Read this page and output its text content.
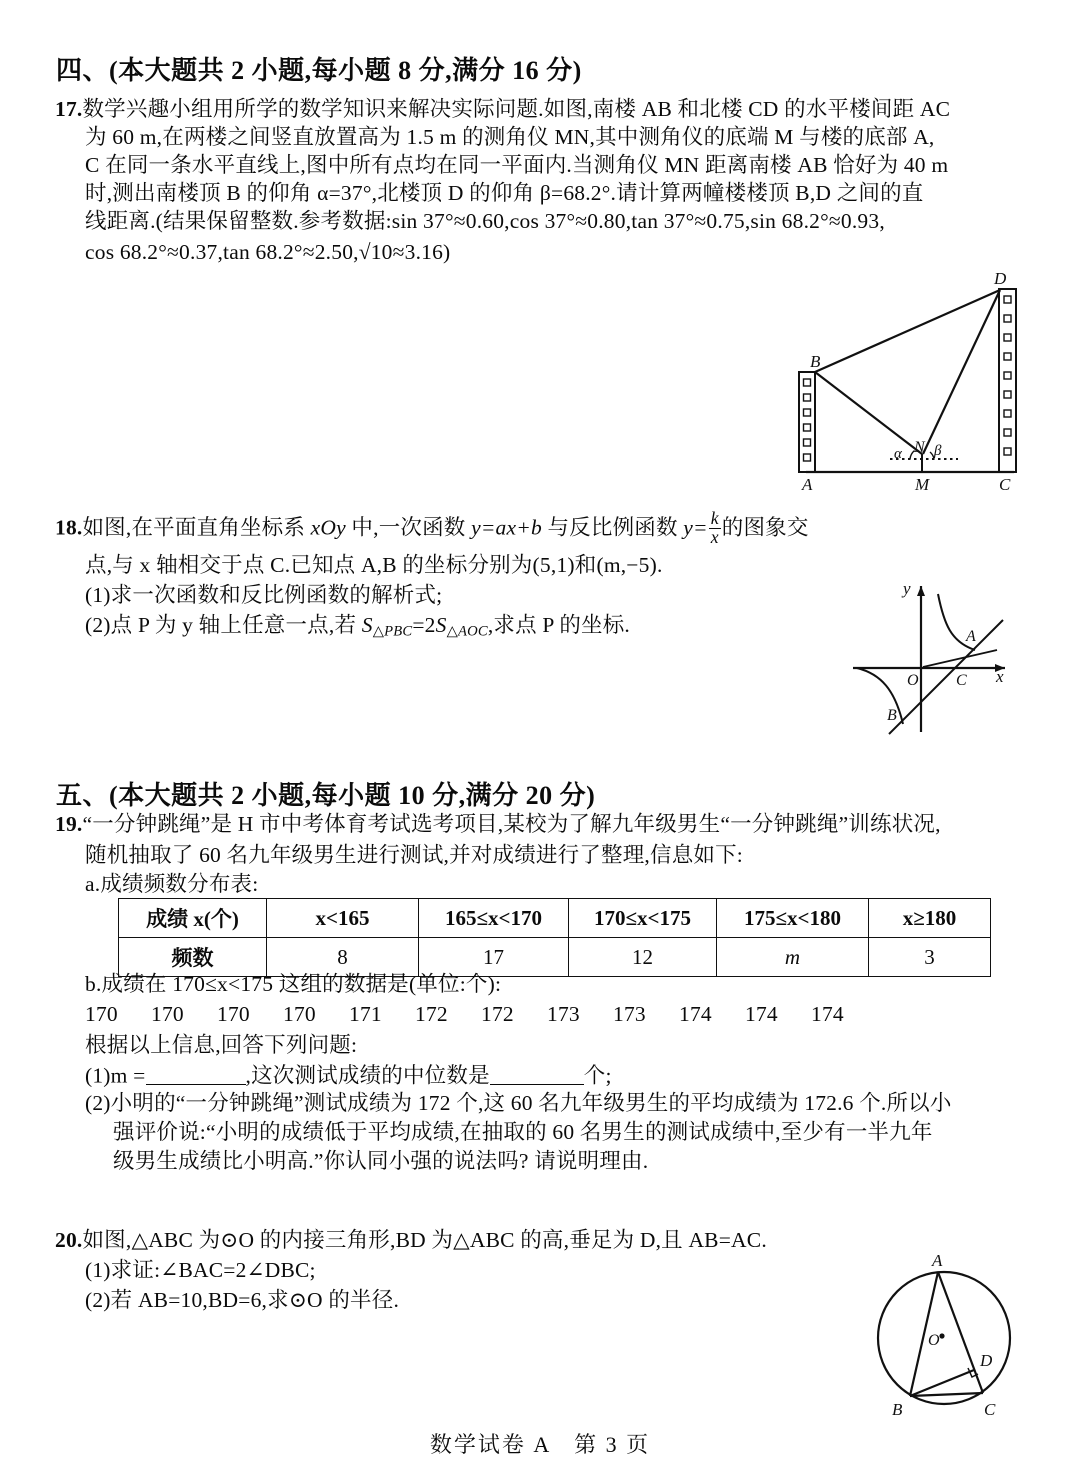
四、(本大题共 2 小题,每小题 8 分,满分 16 分)
17.数学兴趣小组用所学的数学知识来解决实际问题.如图,南楼 AB 和北楼 CD 的水平楼间距 AC
为 60 m,在两楼之间竖直放置高为 1.5 m 的测角仪 MN,其中测角仪的底端 M 与楼的底部 A,
C 在同一条水平直线上,图中所有点均在同一平面内.当测角仪 MN 距离南楼 AB 恰好为 40 m
时,测出南楼顶 B 的仰角 α=37°,北楼顶 D 的仰角 β=68.2°.请计算两幢楼楼顶 B,D 之间的直
线距离.(结果保留整数.参考数据:sin 37°≈0.60,cos 37°≈0.80,tan 37°≈0.75,sin 68.2°≈0.93,
cos 68.2°≈0.37,tan 68.2°≈2.50,√10≈3.16)
B
D
A	M	C
N
α β
18.如图,在平面直角坐标系 xOy 中,一次函数 y=ax+b 与反比例函数 $y= \frac{k}{x}$ 的图象交
点,与 x 轴相交于点 C.已知点 A,B 的坐标分别为(5,1)和(m,−5).
(1)求一次函数和反比例函数的解析式;
(2)点 P 为 y 轴上任意一点,若 $S_{\triangle PBC}=2S_{\triangle AOC}$,求点 P 的坐标.
y
x
O
A
C
B
五、(本大题共 2 小题,每小题 10 分,满分 20 分)
19.“一分钟跳绳”是 H 市中考体育考试选考项目,某校为了解九年级男生“一分钟跳绳”训练状况,
随机抽取了 60 名九年级男生进行测试,并对成绩进行了整理,信息如下:
a.成绩频数分布表:
成绩 x(个)	x<165	165≤x<170	170≤x<175	175≤x<180	x≥180
频数	8	17	12	m	3
b.成绩在 170≤x<175 这组的数据是(单位:个):
170 170 170 170 171 172 172 173 173 174 174 174
根据以上信息,回答下列问题:
(1)m =	,这次测试成绩的中位数是	个;
(2)小明的“一分钟跳绳”测试成绩为 172 个,这 60 名九年级男生的平均成绩为 172.6 个.所以小
强评价说:“小明的成绩低于平均成绩,在抽取的 60 名男生的测试成绩中,至少有一半九年
级男生成绩比小明高.”你认同小强的说法吗? 请说明理由.
20.如图,△ABC 为⊙O 的内接三角形,BD 为△ABC 的高,垂足为 D,且 AB=AC.
(1)求证:∠BAC=2∠DBC;
(2)若 AB=10,BD=6,求⊙O 的半径.
A
B	C
D
O
数学试卷 A　第 3 页
